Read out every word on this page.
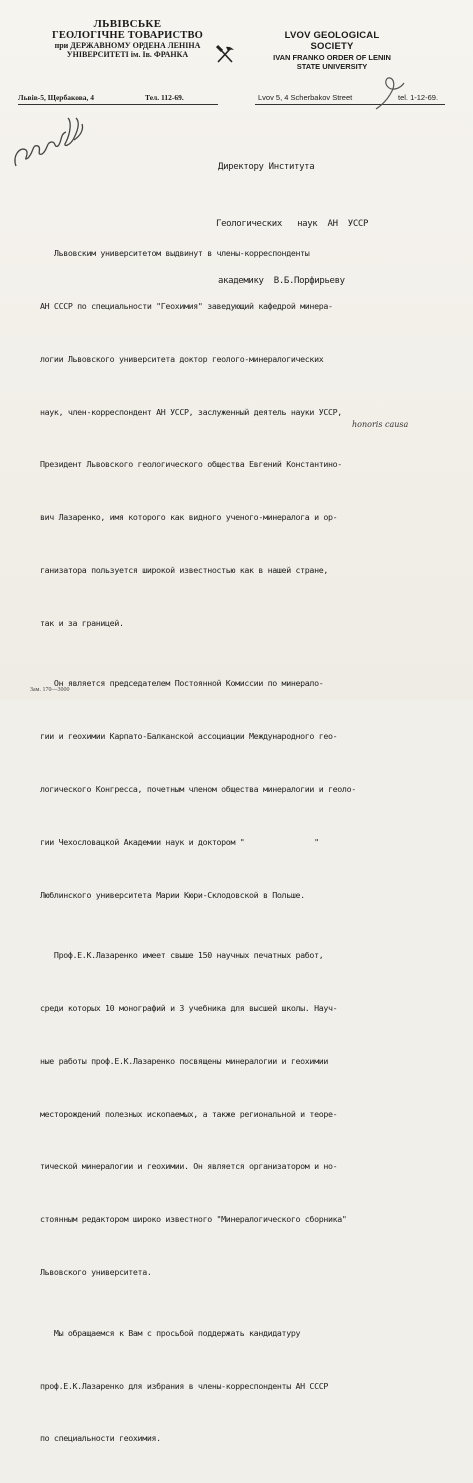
ЛЬВІВСЬКЕ
ГЕОЛОГІЧНЕ ТОВАРИСТВО
при ДЕРЖАВНОМУ ОРДЕНА ЛЕНІНА
УНІВЕРСИТЕТІ ім. Ів. ФРАНКА
LVOV GEOLOGICAL SOCIETY
IVAN FRANKO ORDER OF LENIN
STATE UNIVERSITY
Львів-5, Щербакова, 4	Тел. 112-69.	Lvov 5, 4 Scherbakov Street	tel. 1-12-69.

Директору Института

Геологических   наук  АН  УССР

академику  В.Б.Порфирьеву

Львовским университетом выдвинут в члены-корреспонденты

АН СССР по специальности "Геохимия" заведующий кафедрой минера-

логии Львовского университета доктор геолого-минералогических

наук, член-корреспондент АН УССР, заслуженный деятель науки УССР,

Президент Львовского геологического общества Евгений Константино-

вич Лазаренко, имя которого как видного ученого-минералога и ор-

ганизатора пользуется широкой известностью как в нашей стране,

так и за границей.

Он является председателем Постоянной Комиссии по минерало-

гии и геохимии Карпато-Балканской ассоциации Международного гео-

логического Конгресса, почетным членом общества минералогии и геоло-

гии Чехословацкой Академии наук и доктором "               "

Люблинского университета Марии Кюри-Склодовской в Польше.

Проф.Е.К.Лазаренко имеет свыше 150 научных печатных работ,

среди которых 10 монографий и 3 учебника для высшей школы. Науч-

ные работы проф.Е.К.Лазаренко посвящены минералогии и геохимии

месторождений полезных ископаемых, а также региональной и теоре-

тической минералогии и геохимии. Он является организатором и но-

стоянным редактором широко известного "Минералогического сборника"

Львовского университета.

Мы обращаемся к Вам с просьбой поддержать кандидатуру

проф.Е.К.Лазаренко для избрания в члены-корреспонденты АН СССР

по специальности геохимия.

honoris causa
Зам. 170—3000
